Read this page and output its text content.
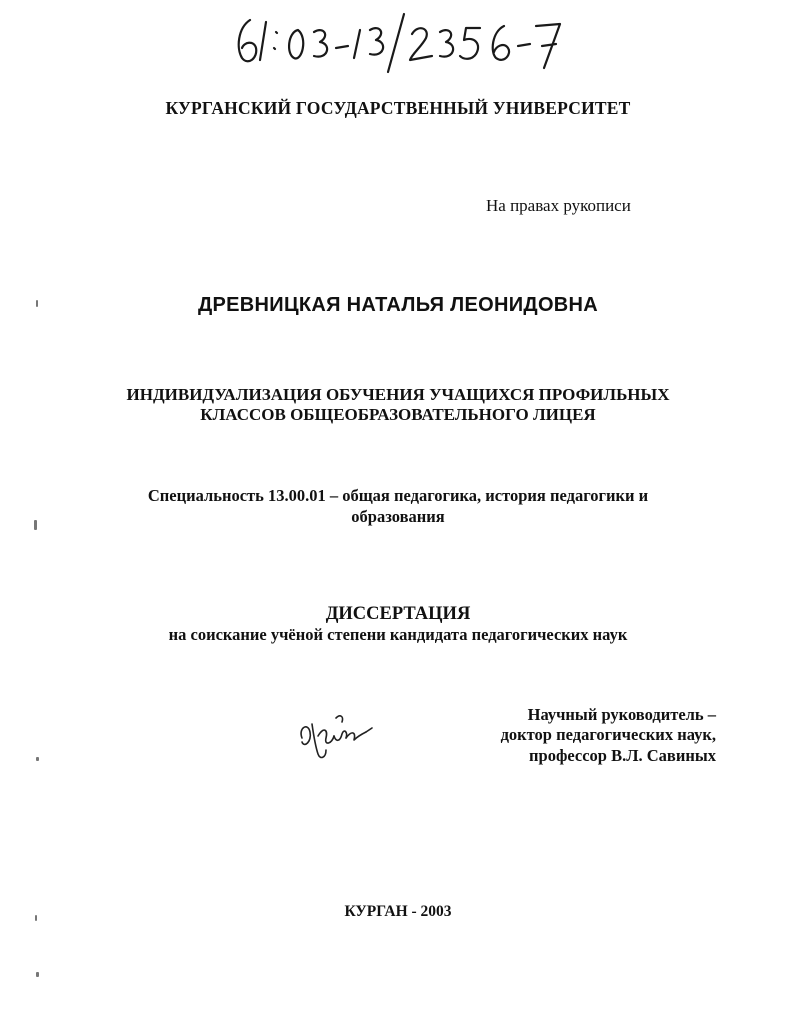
КУРГАНСКИЙ ГОСУДАРСТВЕННЫЙ УНИВЕРСИТЕТ
На правах рукописи
ДРЕВНИЦКАЯ НАТАЛЬЯ ЛЕОНИДОВНА
ИНДИВИДУАЛИЗАЦИЯ ОБУЧЕНИЯ УЧАЩИХСЯ ПРОФИЛЬНЫХ
КЛАССОВ ОБЩЕОБРАЗОВАТЕЛЬНОГО ЛИЦЕЯ
Специальность 13.00.01 – общая педагогика, история педагогики и
образования
ДИССЕРТАЦИЯ
на соискание учёной степени кандидата педагогических наук
Научный руководитель –
доктор педагогических наук,
профессор В.Л. Савиных
КУРГАН - 2003
